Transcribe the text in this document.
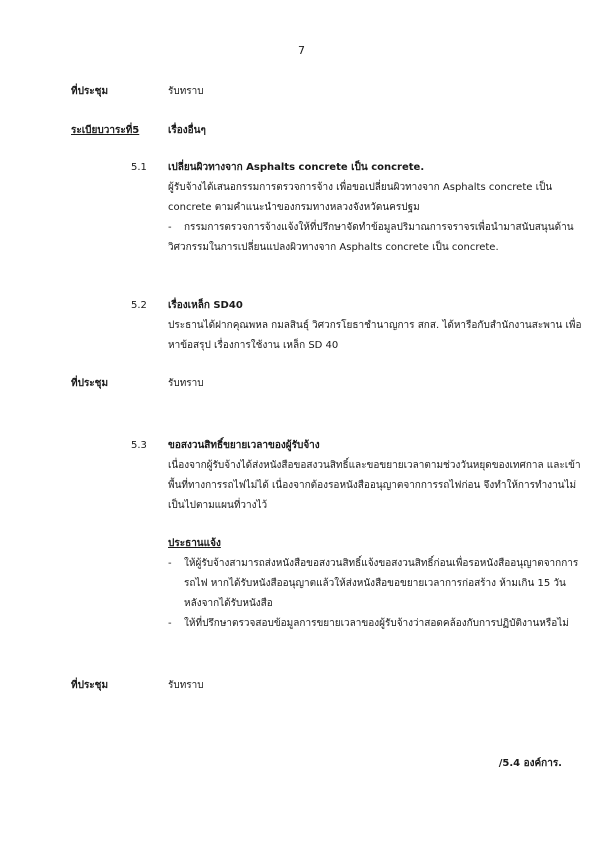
7
ที่ประชุม	รับทราบ
ระเบียบวาระที่5	เรื่องอื่นๆ
5.1 เปลี่ยนผิวทางจาก Asphalts concrete เป็น concrete.
ผู้รับจ้างได้เสนอกรรมการตรวจการจ้าง เพื่อขอเปลี่ยนผิวทางจาก Asphalts concrete เป็น
concrete ตามคำแนะนำของกรมทางหลวงจังหวัดนครปฐม
- กรรมการตรวจการจ้างแจ้งให้ที่ปรึกษาจัดทำข้อมูลปริมาณการจราจรเพื่อนำมาสนับสนุนด้าน
วิศวกรรมในการเปลี่ยนแปลงผิวทางจาก Asphalts concrete เป็น concrete.
5.2 เรื่องเหล็ก SD40
ประธานได้ฝากคุณพหล กมลสินธุ์ วิศวกรโยธาชำนาญการ สกส. ได้หารือกับสำนักงานสะพาน เพื่อ
หาข้อสรุป เรื่องการใช้งาน เหล็ก SD 40
ที่ประชุม	รับทราบ
5.3 ขอสงวนสิทธิ์ขยายเวลาของผู้รับจ้าง
เนื่องจากผู้รับจ้างได้ส่งหนังสือขอสงวนสิทธิ์และขอขยายเวลาตามช่วงวันหยุดของเทศกาล และเข้า
พื้นที่ทางการรถไฟไม่ได้ เนื่องจากต้องรอหนังสืออนุญาตจากการรถไฟก่อน จึงทำให้การทำงานไม่
เป็นไปตามแผนที่วางไว้
ประธานแจ้ง
- ให้ผู้รับจ้างสามารถส่งหนังสือขอสงวนสิทธิ์แจ้งขอสงวนสิทธิ์ก่อนเพื่อรอหนังสืออนุญาตจากการ
รถไฟ หากได้รับหนังสืออนุญาตแล้วให้ส่งหนังสือขอขยายเวลาการก่อสร้าง ห้ามเกิน 15 วัน
หลังจากได้รับหนังสือ
- ให้ที่ปรึกษาตรวจสอบข้อมูลการขยายเวลาของผู้รับจ้างว่าสอดคล้องกับการปฏิบัติงานหรือไม่
ที่ประชุม	รับทราบ
/5.4 องค์การ.
